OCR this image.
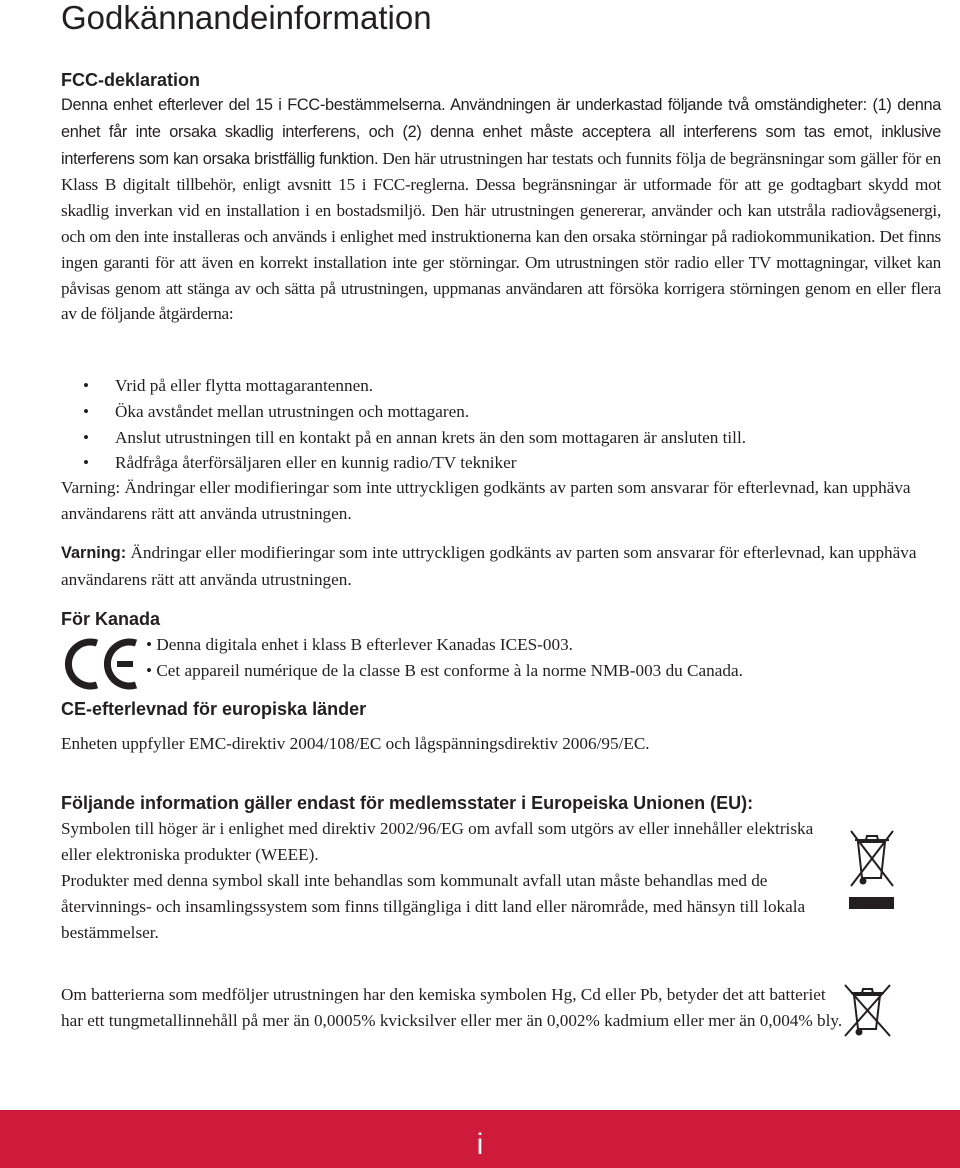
Godkännandeinformation
FCC-deklaration

Denna enhet efterlever del 15 i FCC-bestämmelserna. Användningen är underkastad följande två omständigheter: (1) denna enhet får inte orsaka skadlig interferens, och (2) denna enhet måste acceptera all interferens som tas emot, inklusive interferens som kan orsaka bristfällig funktion. Den här utrustningen har testats och funnits följa de begränsningar som gäller för en Klass B digitalt tillbehör, enligt avsnitt 15 i FCC-reglerna. Dessa begränsningar är utformade för att ge godtagbart skydd mot skadlig inverkan vid en installation i en bostadsmiljö. Den här utrustningen genererar, använder och kan utstråla radiovågsenergi, och om den inte installeras och används i enlighet med instruktionerna kan den orsaka störningar på radiokommunikation. Det finns ingen garanti för att även en korrekt installation inte ger störningar. Om utrustningen stör radio eller TV mottagningar, vilket kan påvisas genom att stänga av och sätta på utrustningen, uppmanas användaren att försöka korrigera störningen genom en eller flera av de följande åtgärderna:

• Vrid på eller flytta mottagarantennen.
• Öka avståndet mellan utrustningen och mottagaren.
• Anslut utrustningen till en kontakt på en annan krets än den som mottagaren är ansluten till.
• Rådfråga återförsäljaren eller en kunnig radio/TV tekniker

Varning: Ändringar eller modifieringar som inte uttryckligen godkänts av parten som ansvarar för efterlevnad, kan upphäva användarens rätt att använda utrustningen.

Varning: Ändringar eller modifieringar som inte uttryckligen godkänts av parten som ansvarar för efterlevnad, kan upphäva användarens rätt att använda utrustningen.

För Kanada
• Denna digitala enhet i klass B efterlever Kanadas ICES-003.
• Cet appareil numérique de la classe B est conforme à la norme NMB-003 du Canada.
CE-efterlevnad för europiska länder

Enheten uppfyller EMC-direktiv 2004/108/EC och lågspänningsdirektiv 2006/95/EC.

Följande information gäller endast för medlemsstater i Europeiska Unionen (EU):
Symbolen till höger är i enlighet med direktiv 2002/96/EG om avfall som utgörs av eller innehåller elektriska eller elektroniska produkter (WEEE).
Produkter med denna symbol skall inte behandlas som kommunalt avfall utan måste behandlas med de återvinnings- och insamlingssystem som finns tillgängliga i ditt land eller närområde, med hänsyn till lokala bestämmelser.

Om batterierna som medföljer utrustningen har den kemiska symbolen Hg, Cd eller Pb, betyder det att batteriet har ett tungmetallinnehåll på mer än 0,0005% kvicksilver eller mer än 0,002% kadmium eller mer än 0,004% bly.

i
